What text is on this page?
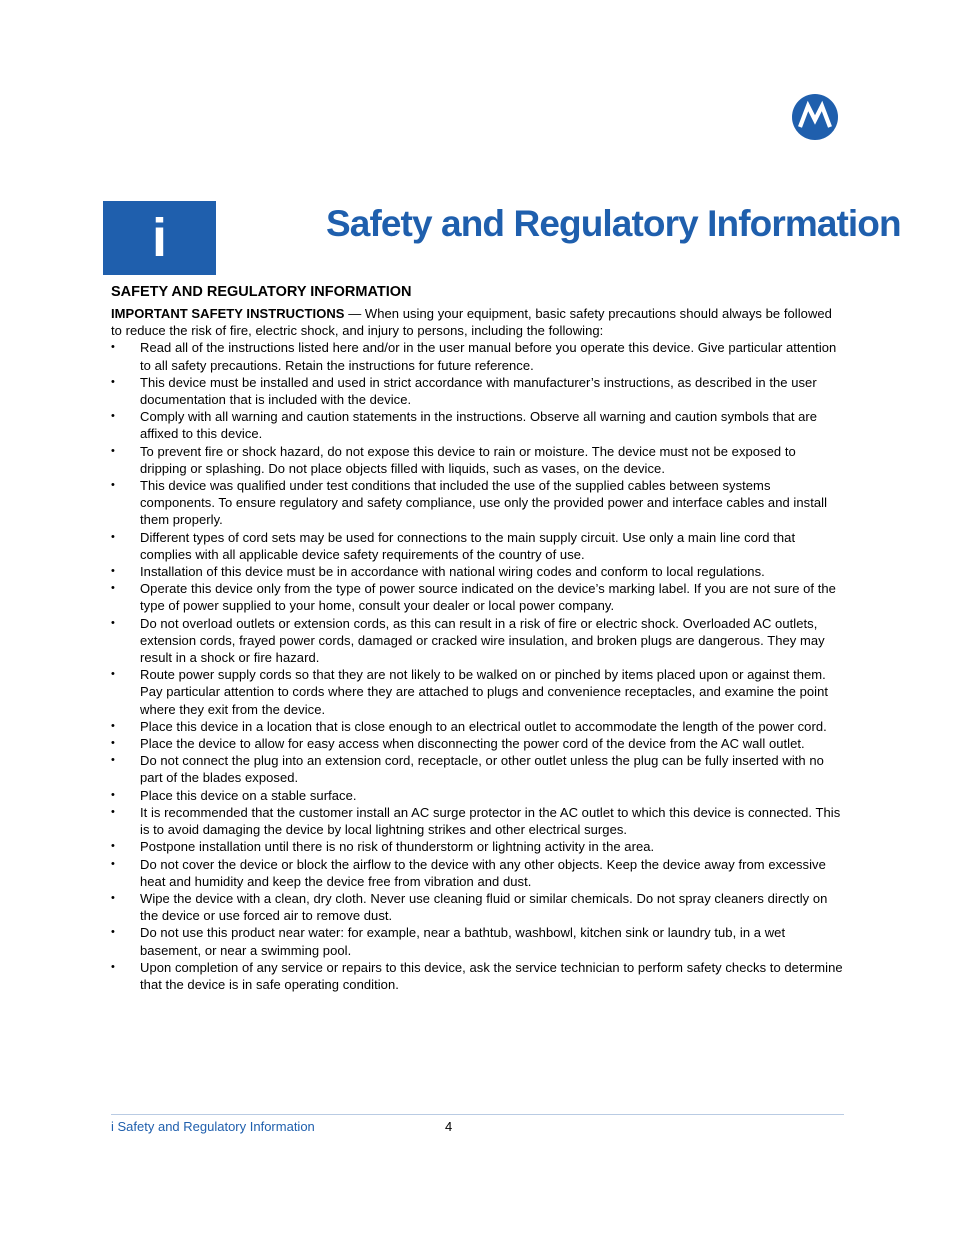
i	Safety and Regulatory Information
SAFETY AND REGULATORY INFORMATION

IMPORTANT SAFETY INSTRUCTIONS — When using your equipment, basic safety precautions should always be followed to reduce the risk of fire, electric shock, and injury to persons, including the following:

•	Read all of the instructions listed here and/or in the user manual before you operate this device. Give particular attention to all safety precautions. Retain the instructions for future reference.
•	This device must be installed and used in strict accordance with manufacturer’s instructions, as described in the user documentation that is included with the device.
•	Comply with all warning and caution statements in the instructions. Observe all warning and caution symbols that are affixed to this device.
•	To prevent fire or shock hazard, do not expose this device to rain or moisture. The device must not be exposed to dripping or splashing. Do not place objects filled with liquids, such as vases, on the device.
•	This device was qualified under test conditions that included the use of the supplied cables between systems components. To ensure regulatory and safety compliance, use only the provided power and interface cables and install them properly.
•	Different types of cord sets may be used for connections to the main supply circuit. Use only a main line cord that complies with all applicable device safety requirements of the country of use.
•	Installation of this device must be in accordance with national wiring codes and conform to local regulations.
•	Operate this device only from the type of power source indicated on the device’s marking label. If you are not sure of the type of power supplied to your home, consult your dealer or local power company.
•	Do not overload outlets or extension cords, as this can result in a risk of fire or electric shock. Overloaded AC outlets, extension cords, frayed power cords, damaged or cracked wire insulation, and broken plugs are dangerous. They may result in a shock or fire hazard.
•	Route power supply cords so that they are not likely to be walked on or pinched by items placed upon or against them. Pay particular attention to cords where they are attached to plugs and convenience receptacles, and examine the point where they exit from the device.
•	Place this device in a location that is close enough to an electrical outlet to accommodate the length of the power cord.
•	Place the device to allow for easy access when disconnecting the power cord of the device from the AC wall outlet.
•	Do not connect the plug into an extension cord, receptacle, or other outlet unless the plug can be fully inserted with no part of the blades exposed.
•	Place this device on a stable surface.
•	It is recommended that the customer install an AC surge protector in the AC outlet to which this device is connected. This is to avoid damaging the device by local lightning strikes and other electrical surges.
•	Postpone installation until there is no risk of thunderstorm or lightning activity in the area.
•	Do not cover the device or block the airflow to the device with any other objects. Keep the device away from excessive heat and humidity and keep the device free from vibration and dust.
•	Wipe the device with a clean, dry cloth. Never use cleaning fluid or similar chemicals. Do not spray cleaners directly on the device or use forced air to remove dust.
•	Do not use this product near water: for example, near a bathtub, washbowl, kitchen sink or laundry tub, in a wet basement, or near a swimming pool.
•	Upon completion of any service or repairs to this device, ask the service technician to perform safety checks to determine that the device is in safe operating condition.
i Safety and Regulatory Information	4
